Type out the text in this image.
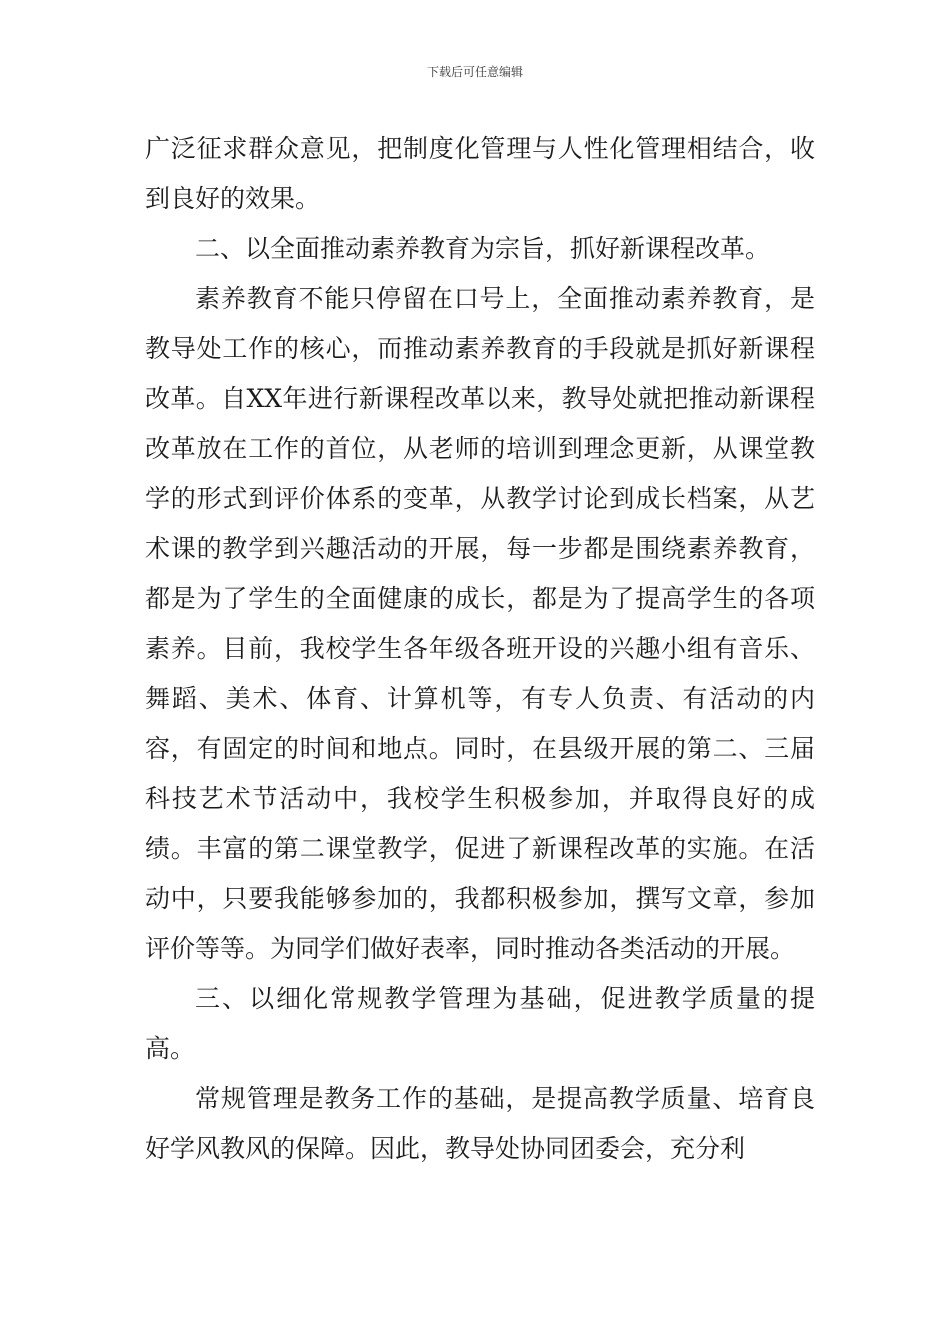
下载后可任意编辑

广泛征求群众意见，把制度化管理与人性化管理相结合，收到良好的效果。

二、以全面推动素养教育为宗旨，抓好新课程改革。

素养教育不能只停留在口号上，全面推动素养教育，是教导处工作的核心，而推动素养教育的手段就是抓好新课程改革。自XX年进行新课程改革以来，教导处就把推动新课程改革放在工作的首位，从老师的培训到理念更新，从课堂教学的形式到评价体系的变革，从教学讨论到成长档案，从艺术课的教学到兴趣活动的开展，每一步都是围绕素养教育，都是为了学生的全面健康的成长，都是为了提高学生的各项素养。目前，我校学生各年级各班开设的兴趣小组有音乐、舞蹈、美术、体育、计算机等，有专人负责、有活动的内容，有固定的时间和地点。同时，在县级开展的第二、三届科技艺术节活动中，我校学生积极参加，并取得良好的成绩。丰富的第二课堂教学，促进了新课程改革的实施。在活动中，只要我能够参加的，我都积极参加，撰写文章，参加评价等等。为同学们做好表率，同时推动各类活动的开展。

三、以细化常规教学管理为基础，促进教学质量的提高。

常规管理是教务工作的基础，是提高教学质量、培育良好学风教风的保障。因此，教导处协同团委会，充分利
